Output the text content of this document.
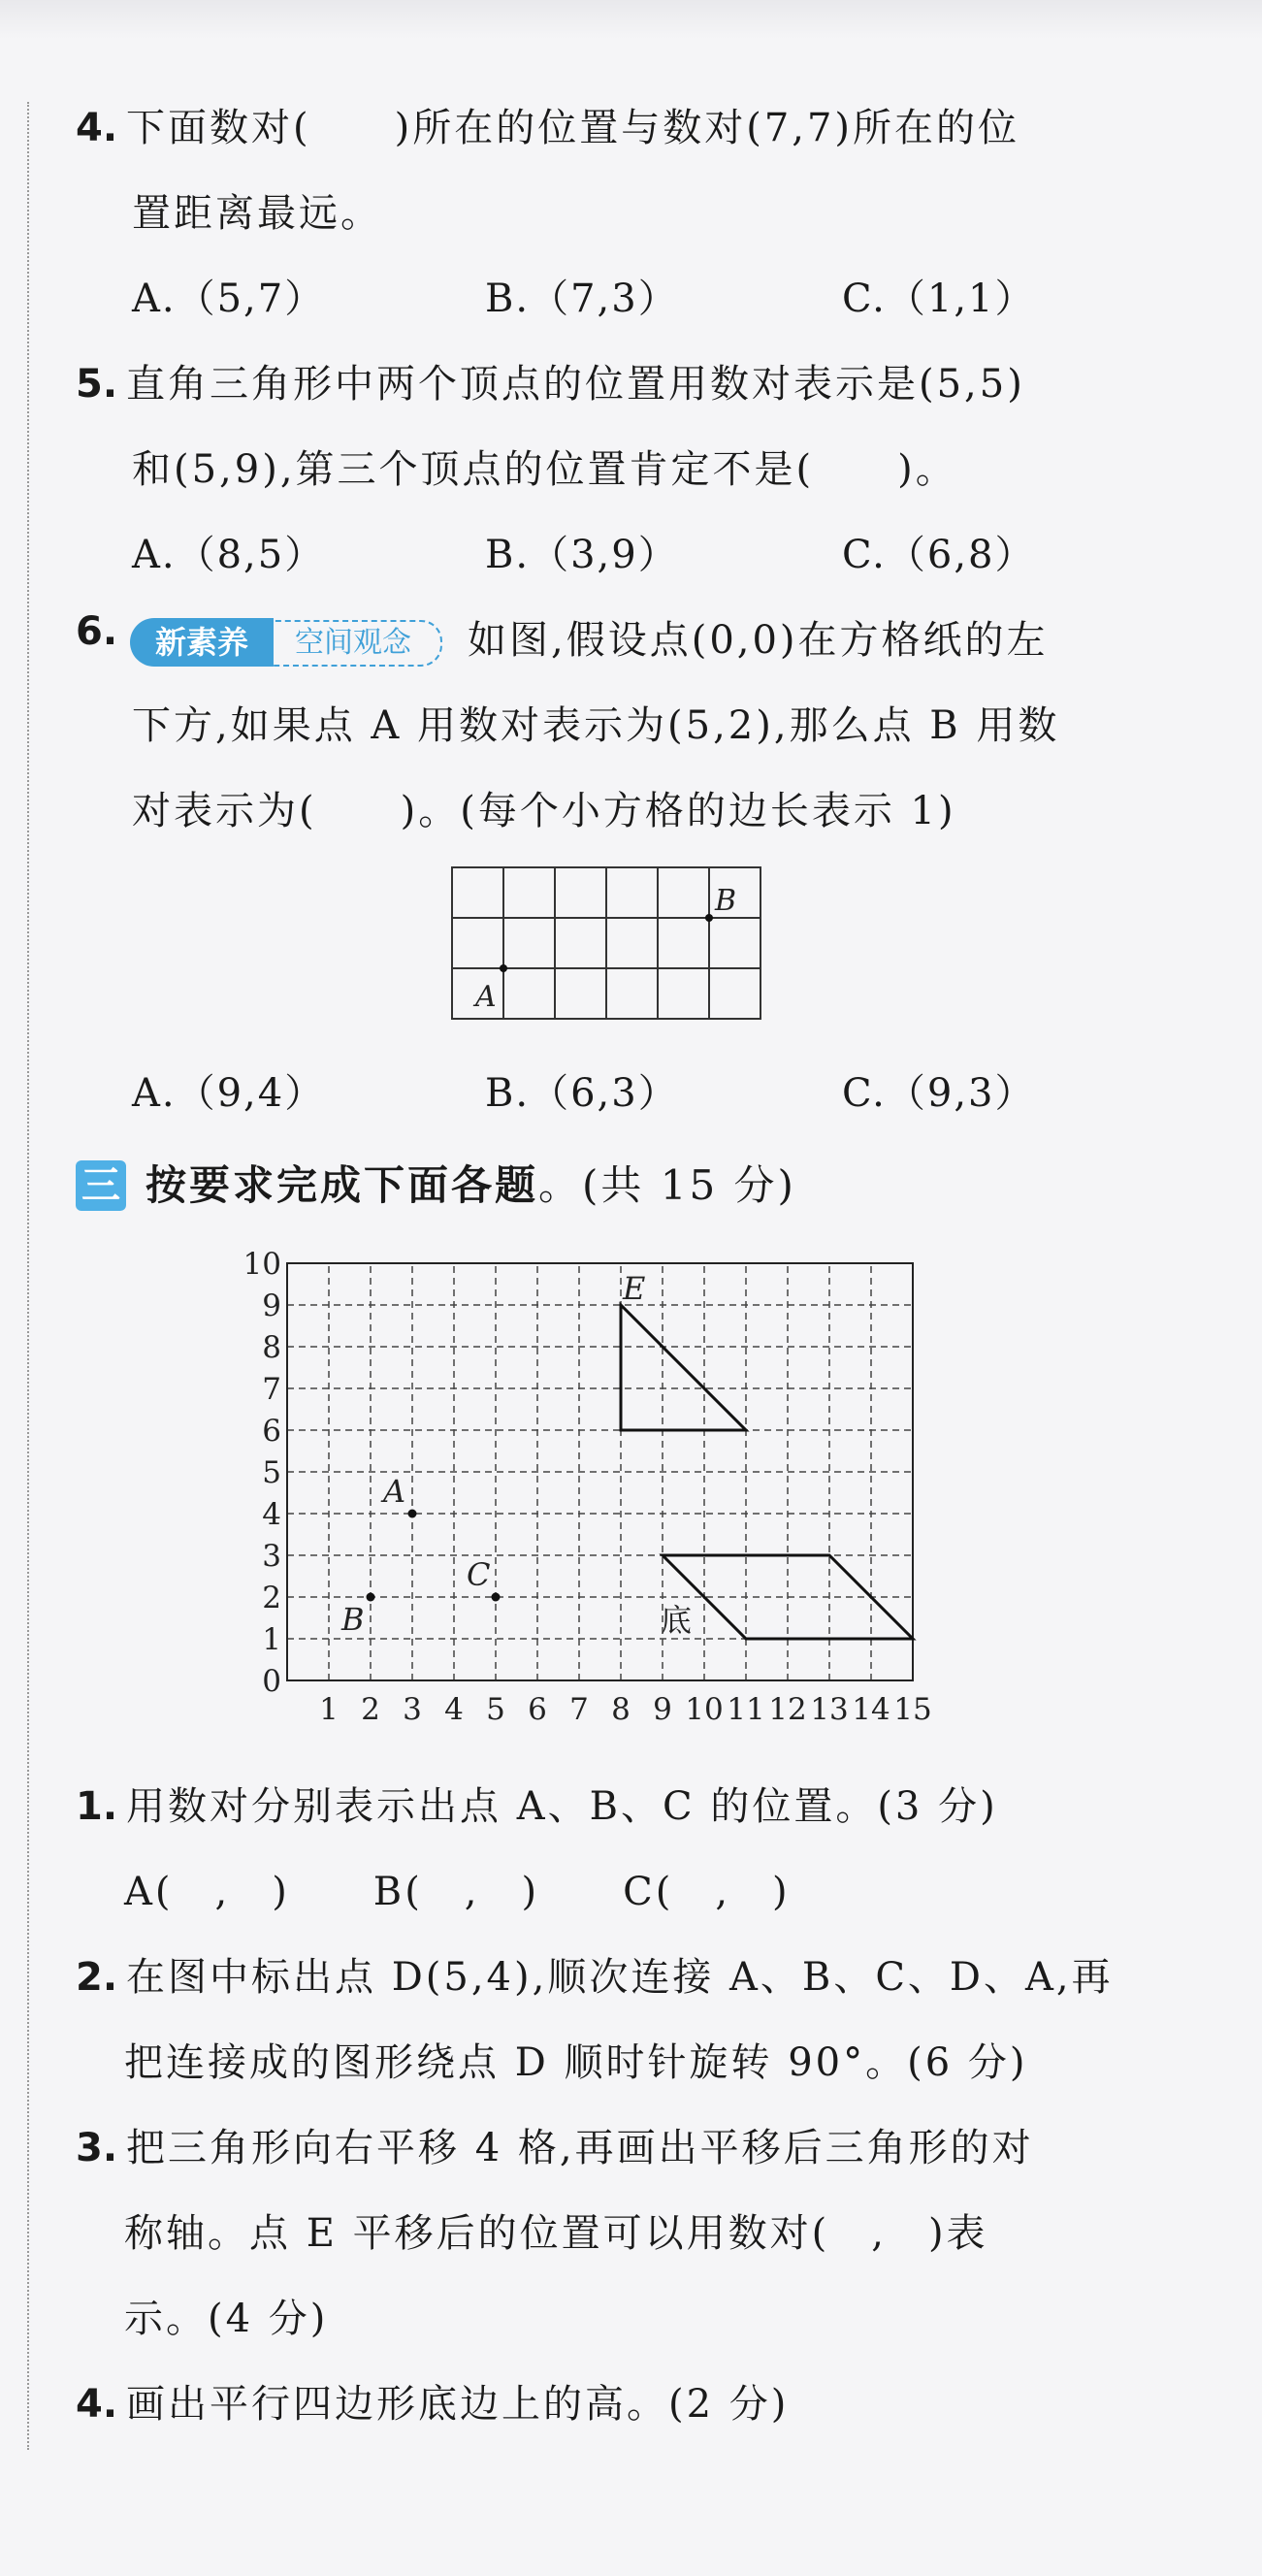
4. 下面数对(　　)所在的位置与数对(7,7)所在的位
置距离最远。
A.（5,7）	B.（7,3）	C.（1,1）
5. 直角三角形中两个顶点的位置用数对表示是(5,5)
和(5,9),第三个顶点的位置肯定不是(　　)。
A.（8,5）	B.（3,9）	C.（6,8）
6.	新素养	空间观念	如图,假设点(0,0)在方格纸的左
下方,如果点 A 用数对表示为(5,2),那么点 B 用数
对表示为(　　)。(每个小方格的边长表示 1)
A
B
A.（9,4）	B.（6,3）	C.（9,3）
三 按要求完成下面各题。(共 15 分)
1 2 3 4 5 6 7 8 9 10 11 12 13 14 15
0
1
2
3
4
5
6
7
8
9
10
E
底
A
B
C
1. 用数对分别表示出点 A、B、C 的位置。(3 分)
A(　,　)　　B(　,　)　　C(　,　)
2. 在图中标出点 D(5,4),顺次连接 A、B、C、D、A,再
把连接成的图形绕点 D 顺时针旋转 90°。(6 分)
3. 把三角形向右平移 4 格,再画出平移后三角形的对
称轴。点 E 平移后的位置可以用数对(　,　)表
示。(4 分)
4. 画出平行四边形底边上的高。(2 分)
